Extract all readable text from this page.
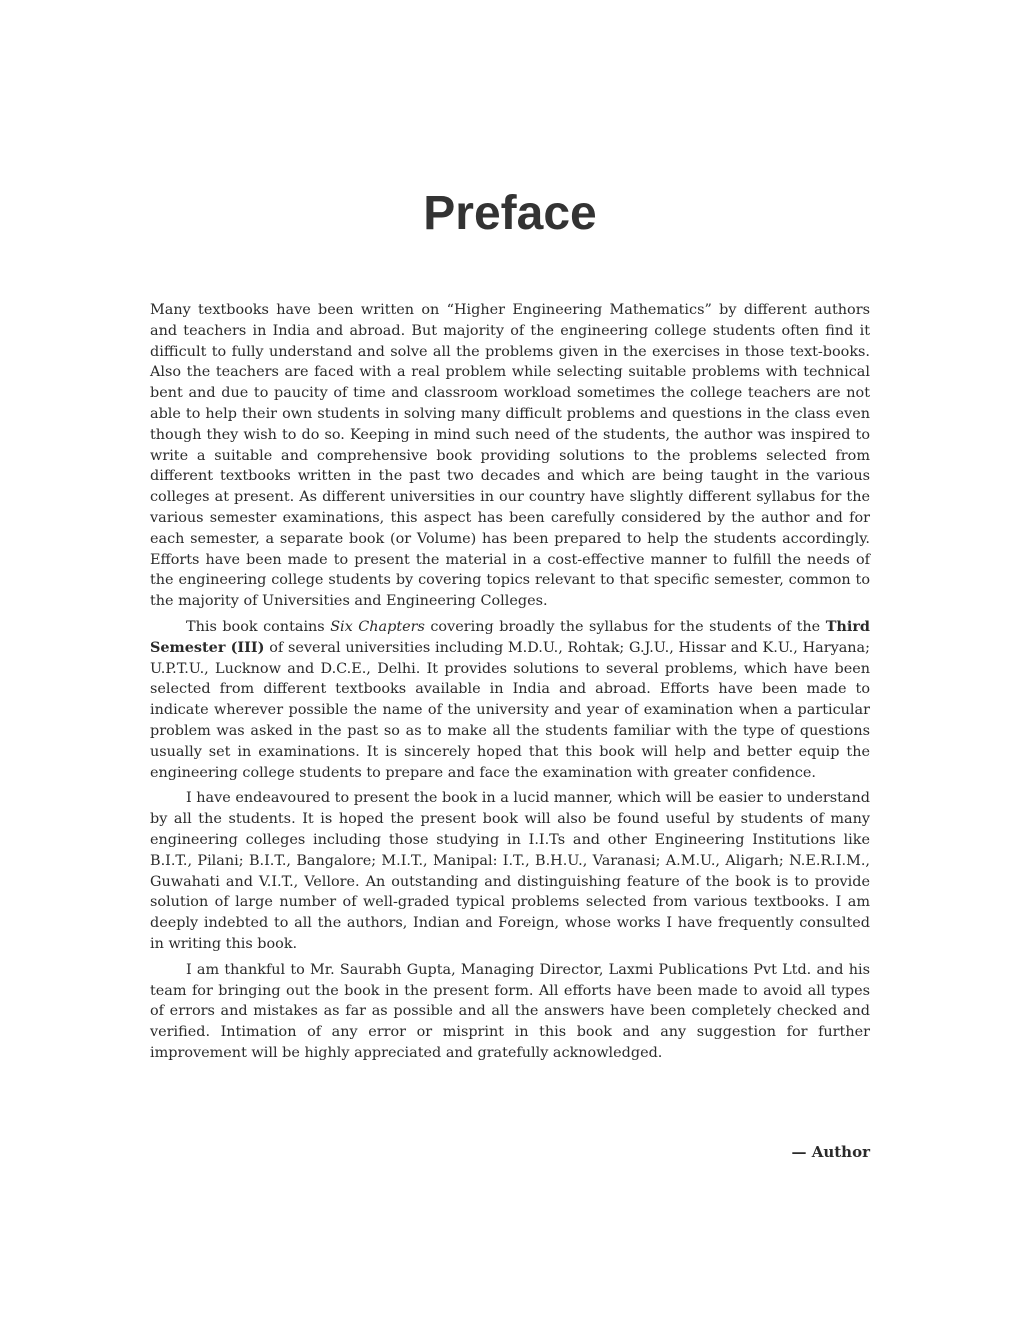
Preface

Many textbooks have been written on “Higher Engineering Mathematics” by different authors and teachers in India and abroad. But majority of the engineering college students often find it difficult to fully understand and solve all the problems given in the exercises in those text-books. Also the teachers are faced with a real problem while selecting suitable problems with technical bent and due to paucity of time and classroom workload sometimes the college teachers are not able to help their own students in solving many difficult problems and questions in the class even though they wish to do so. Keeping in mind such need of the students, the author was inspired to write a suitable and comprehensive book providing solutions to the problems selected from different textbooks written in the past two decades and which are being taught in the various colleges at present. As different universities in our country have slightly different syllabus for the various semester examinations, this aspect has been carefully considered by the author and for each semester, a separate book (or Volume) has been prepared to help the students accordingly. Efforts have been made to present the material in a cost-effective manner to fulfill the needs of the engineering college students by covering topics relevant to that specific semester, common to the majority of Universities and Engineering Colleges.

This book contains Six Chapters covering broadly the syllabus for the students of the Third Semester (III) of several universities including M.D.U., Rohtak; G.J.U., Hissar and K.U., Haryana; U.P.T.U., Lucknow and D.C.E., Delhi. It provides solutions to several problems, which have been selected from different textbooks available in India and abroad. Efforts have been made to indicate wherever possible the name of the university and year of examination when a particular problem was asked in the past so as to make all the students familiar with the type of questions usually set in examinations. It is sincerely hoped that this book will help and better equip the engineering college students to prepare and face the examination with greater confidence.

I have endeavoured to present the book in a lucid manner, which will be easier to understand by all the students. It is hoped the present book will also be found useful by students of many engineering colleges including those studying in I.I.Ts and other Engineering Institutions like B.I.T., Pilani; B.I.T., Bangalore; M.I.T., Manipal: I.T., B.H.U., Varanasi; A.M.U., Aligarh; N.E.R.I.M., Guwahati and V.I.T., Vellore. An outstanding and distinguishing feature of the book is to provide solution of large number of well-graded typical problems selected from various textbooks. I am deeply indebted to all the authors, Indian and Foreign, whose works I have frequently consulted in writing this book.

I am thankful to Mr. Saurabh Gupta, Managing Director, Laxmi Publications Pvt Ltd. and his team for bringing out the book in the present form. All efforts have been made to avoid all types of errors and mistakes as far as possible and all the answers have been completely checked and verified. Intimation of any error or misprint in this book and any suggestion for further improvement will be highly appreciated and gratefully acknowledged.

— Author
